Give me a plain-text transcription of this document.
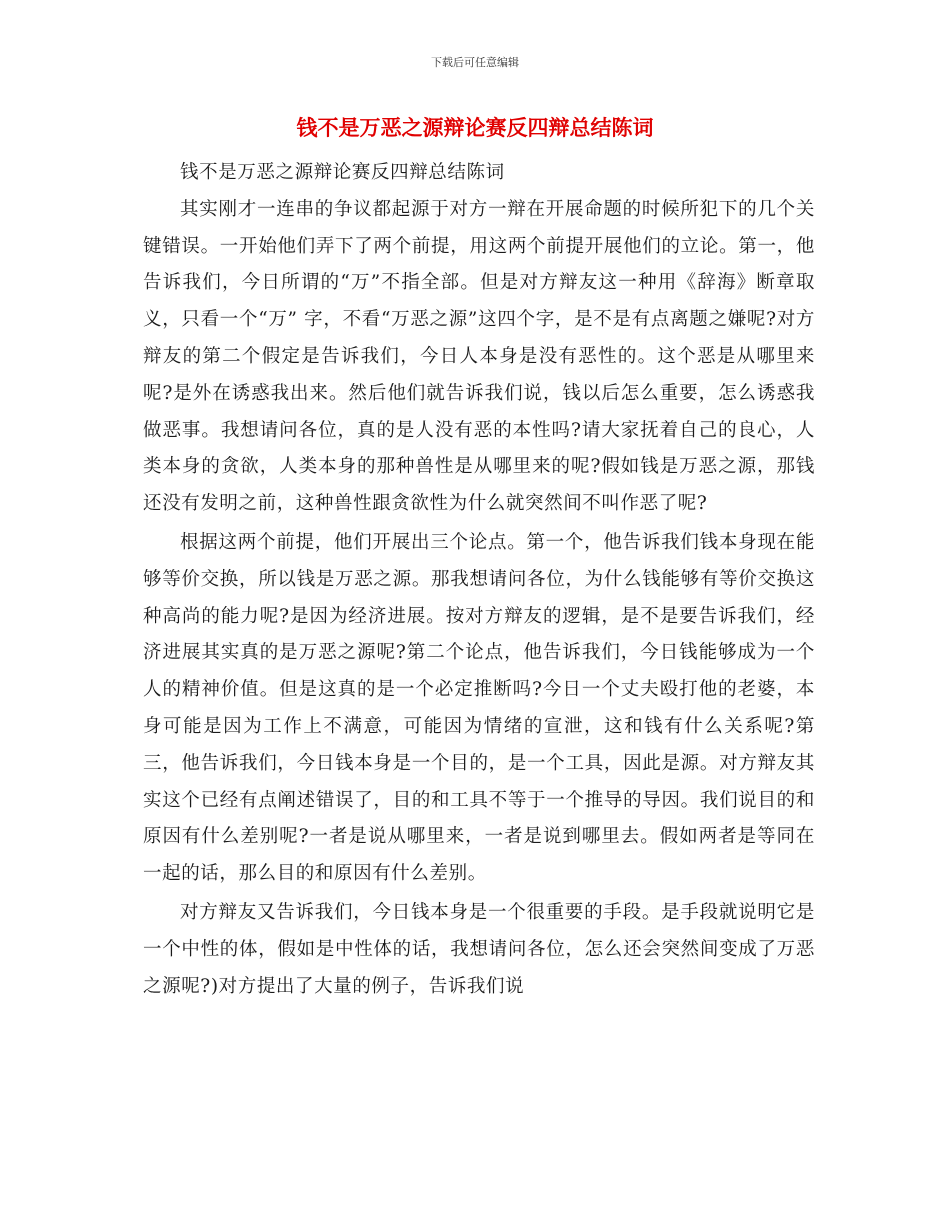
下载后可任意编辑
钱不是万恶之源辩论赛反四辩总结陈词

钱不是万恶之源辩论赛反四辩总结陈词

其实刚才一连串的争议都起源于对方一辩在开展命题的时候所犯下的几个关键错误。一开始他们弄下了两个前提，用这两个前提开展他们的立论。第一，他告诉我们，今日所谓的“万”不指全部。但是对方辩友这一种用《辞海》断章取义，只看一个“万” 字，不看“万恶之源”这四个字，是不是有点离题之嫌呢?对方辩友的第二个假定是告诉我们，今日人本身是没有恶性的。这个恶是从哪里来呢?是外在诱惑我出来。然后他们就告诉我们说，钱以后怎么重要，怎么诱惑我做恶事。我想请问各位，真的是人没有恶的本性吗?请大家抚着自己的良心，人类本身的贪欲，人类本身的那种兽性是从哪里来的呢?假如钱是万恶之源，那钱还没有发明之前，这种兽性跟贪欲性为什么就突然间不叫作恶了呢?

根据这两个前提，他们开展出三个论点。第一个，他告诉我们钱本身现在能够等价交换，所以钱是万恶之源。那我想请问各位，为什么钱能够有等价交换这种高尚的能力呢?是因为经济进展。按对方辩友的逻辑，是不是要告诉我们，经济进展其实真的是万恶之源呢?第二个论点，他告诉我们，今日钱能够成为一个人的精神价值。但是这真的是一个必定推断吗?今日一个丈夫殴打他的老婆，本身可能是因为工作上不满意，可能因为情绪的宣泄，这和钱有什么关系呢?第三，他告诉我们，今日钱本身是一个目的，是一个工具，因此是源。对方辩友其实这个已经有点阐述错误了，目的和工具不等于一个推导的导因。我们说目的和原因有什么差别呢?一者是说从哪里来，一者是说到哪里去。假如两者是等同在一起的话，那么目的和原因有什么差别。

对方辩友又告诉我们，今日钱本身是一个很重要的手段。是手段就说明它是一个中性的体，假如是中性体的话，我想请问各位，怎么还会突然间变成了万恶之源呢?)对方提出了大量的例子，告诉我们说
